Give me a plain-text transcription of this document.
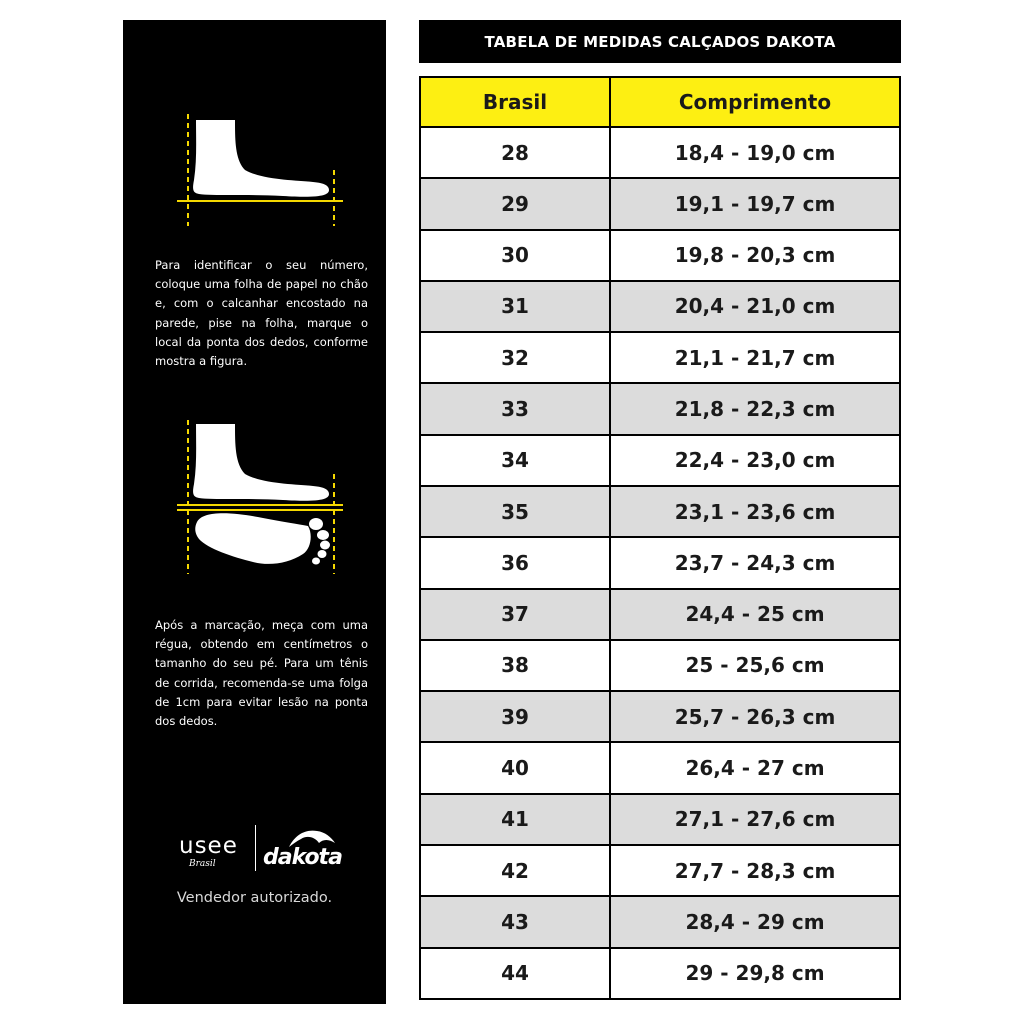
Para identificar o seu número, coloque uma folha de papel no chão e, com o calcanhar encostado na parede, pise na folha, marque o local da ponta dos dedos, conforme mostra a figura.
Após a marcação, meça com uma régua, obtendo em centímetros o tamanho do seu pé. Para um tênis de corrida, recomenda-se uma folga de 1cm para evitar lesão na ponta dos dedos.
usee
Brasil dakota
Vendedor autorizado.
TABELA DE MEDIDAS CALÇADOS DAKOTA
Brasil	Comprimento
28	18,4 - 19,0 cm
29	19,1 - 19,7 cm
30	19,8 - 20,3 cm
31	20,4 - 21,0 cm
32	21,1 - 21,7 cm
33	21,8 - 22,3 cm
34	22,4 - 23,0 cm
35	23,1 - 23,6 cm
36	23,7 - 24,3 cm
37	24,4 - 25 cm
38	25 - 25,6 cm
39	25,7 - 26,3 cm
40	26,4 - 27 cm
41	27,1 - 27,6 cm
42	27,7 - 28,3 cm
43	28,4 - 29 cm
44	29 - 29,8 cm
